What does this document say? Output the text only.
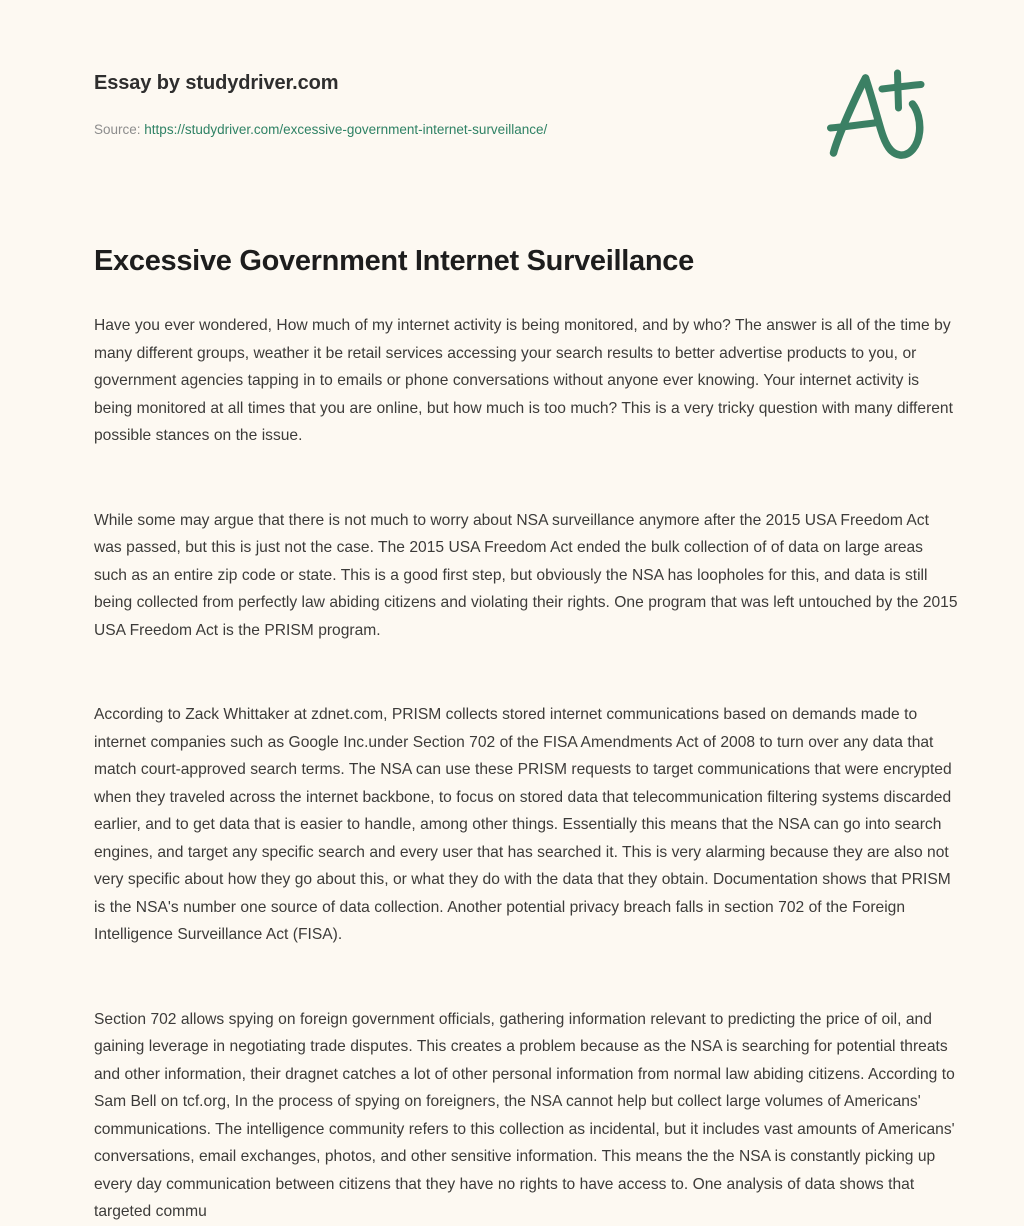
Essay by studydriver.com
Source: https://studydriver.com/excessive-government-internet-surveillance/
Excessive Government Internet Surveillance

Have you ever wondered, How much of my internet activity is being monitored, and by who? The answer is all of the time by many different groups, weather it be retail services accessing your search results to better advertise products to you, or government agencies tapping in to emails or phone conversations without anyone ever knowing. Your internet activity is being monitored at all times that you are online, but how much is too much? This is a very tricky question with many different possible stances on the issue.

While some may argue that there is not much to worry about NSA surveillance anymore after the 2015 USA Freedom Act was passed, but this is just not the case. The 2015 USA Freedom Act ended the bulk collection of of data on large areas such as an entire zip code or state. This is a good first step, but obviously the NSA has loopholes for this, and data is still being collected from perfectly law abiding citizens and violating their rights. One program that was left untouched by the 2015 USA Freedom Act is the PRISM program.

According to Zack Whittaker at zdnet.com, PRISM collects stored internet communications based on demands made to internet companies such as Google Inc.under Section 702 of the FISA Amendments Act of 2008 to turn over any data that match court-approved search terms. The NSA can use these PRISM requests to target communications that were encrypted when they traveled across the internet backbone, to focus on stored data that telecommunication filtering systems discarded earlier, and to get data that is easier to handle, among other things. Essentially this means that the NSA can go into search engines, and target any specific search and every user that has searched it. This is very alarming because they are also not very specific about how they go about this, or what they do with the data that they obtain. Documentation shows that PRISM is the NSA's number one source of data collection. Another potential privacy breach falls in section 702 of the Foreign Intelligence Surveillance Act (FISA).

Section 702 allows spying on foreign government officials, gathering information relevant to predicting the price of oil, and gaining leverage in negotiating trade disputes. This creates a problem because as the NSA is searching for potential threats and other information, their dragnet catches a lot of other personal information from normal law abiding citizens. According to Sam Bell on tcf.org, In the process of spying on foreigners, the NSA cannot help but collect large volumes of Americans' communications. The intelligence community refers to this collection as incidental, but it includes vast amounts of Americans' conversations, email exchanges, photos, and other sensitive information. This means the the NSA is constantly picking up every day communication between citizens that they have no rights to have access to. One analysis of data shows that targeted commu
